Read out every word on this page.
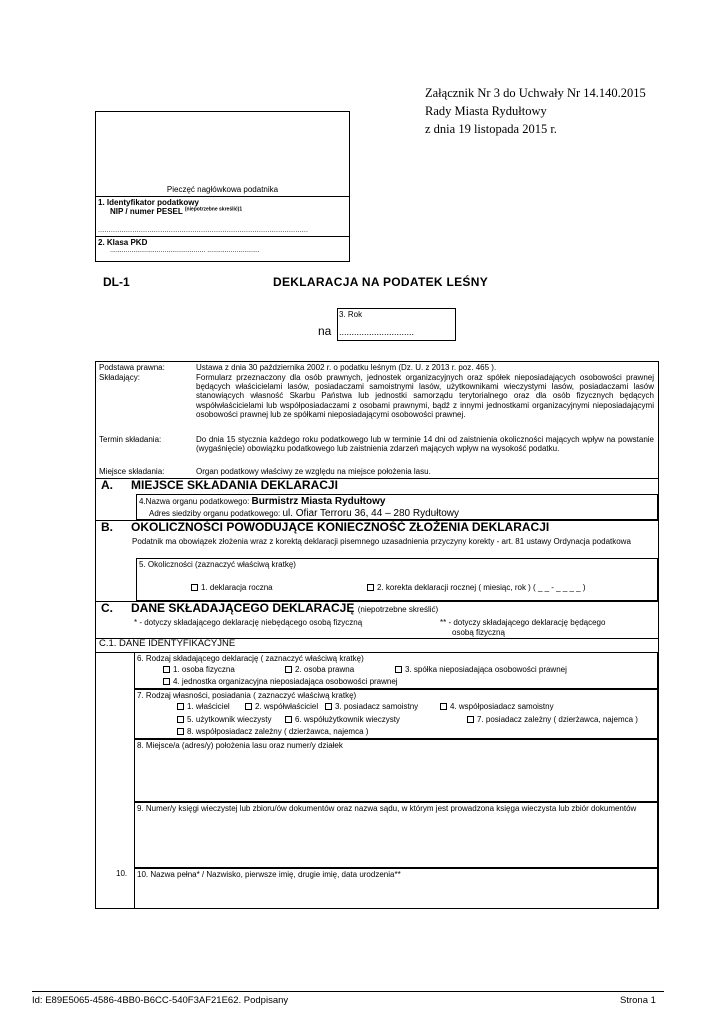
Załącznik Nr 3 do Uchwały Nr 14.140.2015
Rady Miasta Rydułtowy
z dnia 19 listopada 2015 r.
Pieczęć nagłówkowa podatnika
1. Identyfikator podatkowy
NIP / numer PESEL $^{(niepotrzebne skreślić)1}$
..................................................................................................
2. Klasa PKD
................................................. ...........................
DL-1	DEKLARACJA NA PODATEK LEŚNY
na
3. Rok
..............................
Podstawa prawna:	Ustawa z dnia 30 października 2002 r. o podatku leśnym (Dz. U. z 2013 r. poz. 465 ).
Składający:	Formularz przeznaczony dla osób prawnych, jednostek organizacyjnych oraz spółek nieposiadających osobowości prawnej będących właścicielami lasów, posiadaczami samoistnymi lasów, użytkownikami wieczystymi lasów, posiadaczami lasów stanowiących własność Skarbu Państwa lub jednostki samorządu terytorialnego oraz dla osób fizycznych będących współwłaścicielami lub współposiadaczami z osobami prawnymi, bądź z innymi jednostkami organizacyjnymi nieposiadającymi osobowości prawnej lub ze spółkami nieposiadającymi osobowości prawnej.
Termin składania:	Do dnia 15 stycznia każdego roku podatkowego lub w terminie 14 dni od zaistnienia okoliczności mających wpływ na powstanie (wygaśnięcie) obowiązku podatkowego lub zaistnienia zdarzeń mających wpływ na wysokość podatku.
Miejsce składania:	Organ podatkowy właściwy ze względu na miejsce położenia lasu.
A. MIEJSCE SKŁADANIA DEKLARACJI
4.Nazwa organu podatkowego: Burmistrz Miasta Rydułtowy
Adres siedziby organu podatkowego: ul. Ofiar Terroru 36, 44 – 280 Rydułtowy
B. OKOLICZNOŚCI POWODUJĄCE KONIECZNOŚĆ ZŁOŻENIA DEKLARACJI
Podatnik ma obowiązek złożenia wraz z korektą deklaracji pisemnego uzasadnienia przyczyny korekty - art. 81 ustawy Ordynacja podatkowa
5. Okoliczności (zaznaczyć właściwą kratkę)
1. deklaracja roczna	2. korekta deklaracji rocznej ( miesiąc, rok ) ( _ _ - _ _ _ _ )
C. DANE SKŁADAJĄCEGO DEKLARACJĘ (niepotrzebne skreślić)
* - dotyczy składającego deklarację niebędącego osobą fizyczną	** - dotyczy składającego deklarację będącego
osobą fizyczną
C.1. DANE IDENTYFIKACYJNE
6. Rodzaj składającego deklarację ( zaznaczyć właściwą kratkę)
1. osoba fizyczna	2. osoba prawna	3. spółka nieposiadająca osobowości prawnej
4. jednostka organizacyjna nieposiadająca osobowości prawnej
7. Rodzaj własności, posiadania ( zaznaczyć właściwą kratkę)
1. właściciel	2. współwłaściciel	3. posiadacz samoistny	4. współposiadacz samoistny
5. użytkownik wieczysty	6. współużytkownik wieczysty	7. posiadacz zależny ( dzierżawca, najemca )
8. współposiadacz zależny ( dzierżawca, najemca )
8. Miejsce/a (adres/y) położenia lasu oraz numer/y działek
9. Numer/y księgi wieczystej lub zbioru/ów dokumentów oraz nazwa sądu, w którym jest prowadzona księga wieczysta lub zbiór dokumentów
10. 10. Nazwa pełna* / Nazwisko, pierwsze imię, drugie imię, data urodzenia**
Id: E89E5065-4586-4BB0-B6CC-540F3AF21E62. Podpisany	Strona 1
